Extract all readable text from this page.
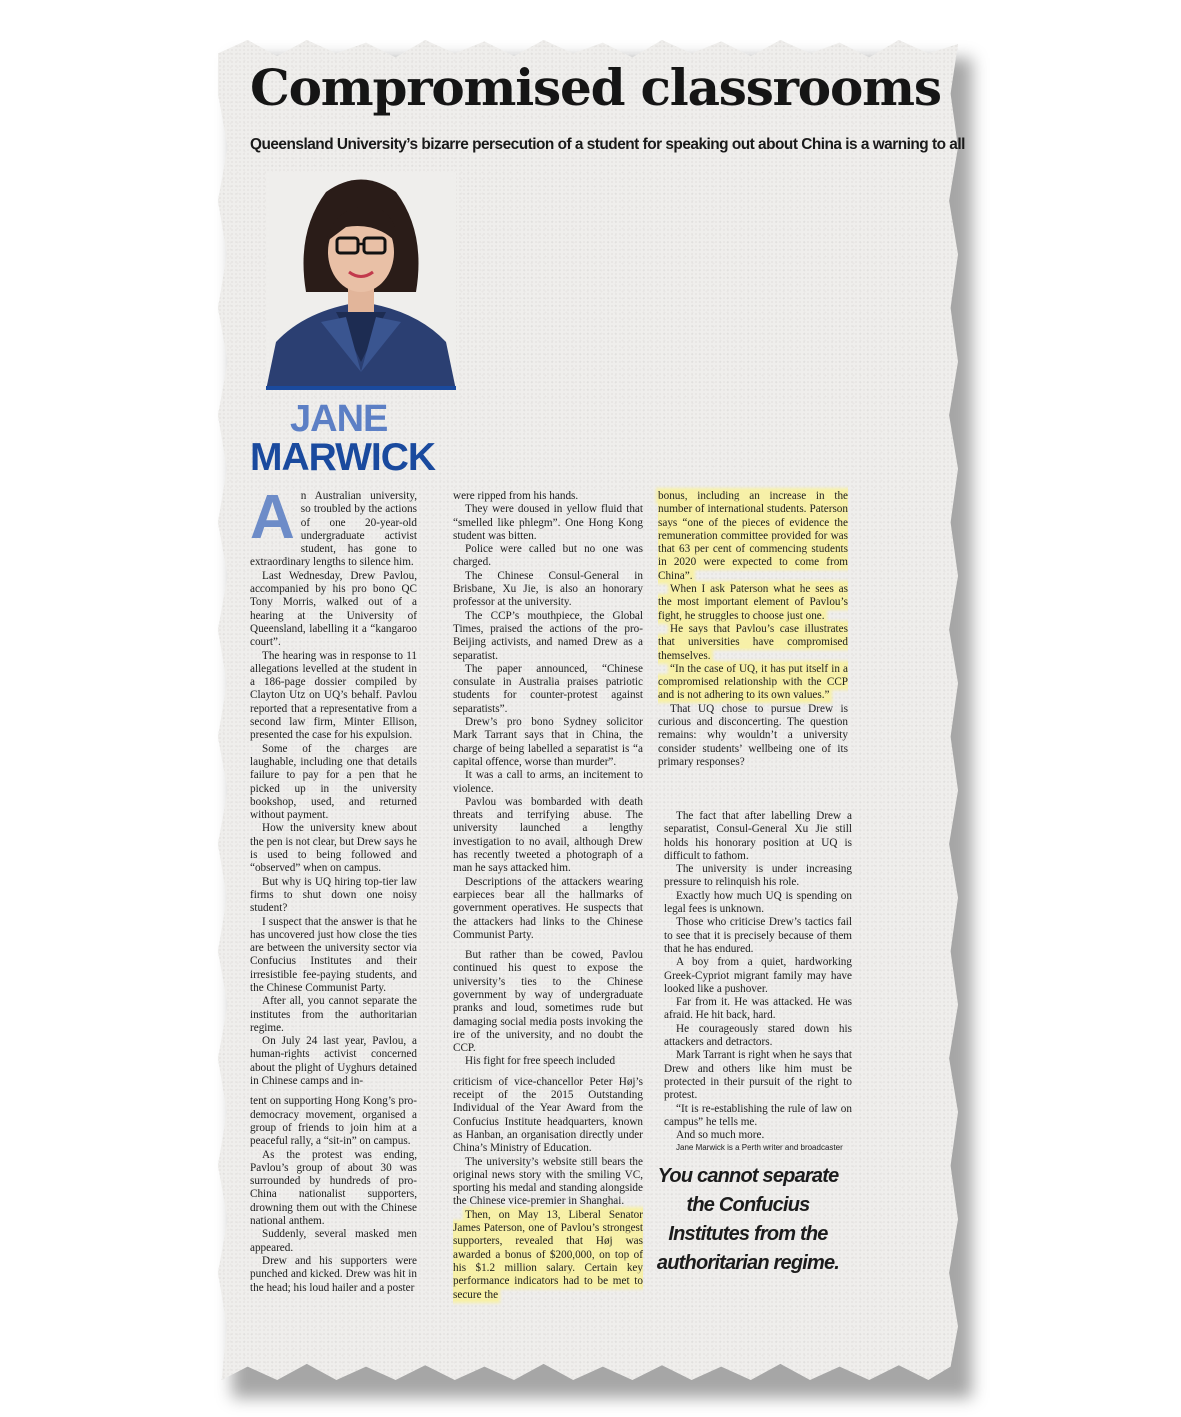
Compromised classrooms
Queensland University’s bizarre persecution of a student for speaking out about China is a warning to all
JANE
MARWICK
A n Australian university, so troubled by the actions of one 20-year-old undergraduate activist student, has gone to extraordinary lengths to silence him.

Last Wednesday, Drew Pavlou, accompanied by his pro bono QC Tony Morris, walked out of a hearing at the University of Queensland, labelling it a “kangaroo court”.

The hearing was in response to 11 allegations levelled at the student in a 186-page dossier compiled by Clayton Utz on UQ’s behalf. Pavlou reported that a representative from a second law firm, Minter Ellison, presented the case for his expulsion.

Some of the charges are laughable, including one that details failure to pay for a pen that he picked up in the university bookshop, used, and returned without payment.

How the university knew about the pen is not clear, but Drew says he is used to being followed and “observed” when on campus.

But why is UQ hiring top-tier law firms to shut down one noisy student?

I suspect that the answer is that he has uncovered just how close the ties are between the university sector via Confucius Institutes and their irresistible fee-paying students, and the Chinese Communist Party.

After all, you cannot separate the institutes from the authoritarian regime.

On July 24 last year, Pavlou, a human-rights activist concerned about the plight of Uyghurs detained in Chinese camps and in-

tent on supporting Hong Kong’s pro-democracy movement, organised a group of friends to join him at a peaceful rally, a “sit-in” on campus.

As the protest was ending, Pavlou’s group of about 30 was surrounded by hundreds of pro-China nationalist supporters, drowning them out with the Chinese national anthem.

Suddenly, several masked men appeared.

Drew and his supporters were punched and kicked. Drew was hit in the head; his loud hailer and a poster

were ripped from his hands.

They were doused in yellow fluid that “smelled like phlegm”. One Hong Kong student was bitten.

Police were called but no one was charged.

The Chinese Consul-General in Brisbane, Xu Jie, is also an honorary professor at the university.

The CCP’s mouthpiece, the Global Times, praised the actions of the pro-Beijing activists, and named Drew as a separatist.

The paper announced, “Chinese consulate in Australia praises patriotic students for counter-protest against separatists”.

Drew’s pro bono Sydney solicitor Mark Tarrant says that in China, the charge of being labelled a separatist is “a capital offence, worse than murder”.

It was a call to arms, an incitement to violence.

Pavlou was bombarded with death threats and terrifying abuse. The university launched a lengthy investigation to no avail, although Drew has recently tweeted a photograph of a man he says attacked him.

Descriptions of the attackers wearing earpieces bear all the hallmarks of government operatives. He suspects that the attackers had links to the Chinese Communist Party.

But rather than be cowed, Pavlou continued his quest to expose the university’s ties to the Chinese government by way of undergraduate pranks and loud, sometimes rude but damaging social media posts invoking the ire of the university, and no doubt the CCP.

His fight for free speech included

criticism of vice-chancellor Peter Høj’s receipt of the 2015 Outstanding Individual of the Year Award from the Confucius Institute headquarters, known as Hanban, an organisation directly under China’s Ministry of Education.

The university’s website still bears the original news story with the smiling VC, sporting his medal and standing alongside the Chinese vice-premier in Shanghai.

Then, on May 13, Liberal Senator James Paterson, one of Pavlou’s strongest supporters, revealed that Høj was awarded a bonus of $200,000, on top of his $1.2 million salary. Certain key performance indicators had to be met to secure the

bonus, including an increase in the number of international students. Paterson says “one of the pieces of evidence the remuneration committee provided for was that 63 per cent of commencing students in 2020 were expected to come from China”.

When I ask Paterson what he sees as the most important element of Pavlou’s fight, he struggles to choose just one.

He says that Pavlou’s case illustrates that universities have compromised themselves.

“In the case of UQ, it has put itself in a compromised relationship with the CCP and is not adhering to its own values.”

That UQ chose to pursue Drew is curious and disconcerting. The question remains: why wouldn’t a university consider students’ wellbeing one of its primary responses?

The fact that after labelling Drew a separatist, Consul-General Xu Jie still holds his honorary position at UQ is difficult to fathom.

The university is under increasing pressure to relinquish his role.

Exactly how much UQ is spending on legal fees is unknown.

Those who criticise Drew’s tactics fail to see that it is precisely because of them that he has endured.

A boy from a quiet, hardworking Greek-Cypriot migrant family may have looked like a pushover.

Far from it. He was attacked. He was afraid. He hit back, hard.

He courageously stared down his attackers and detractors.

Mark Tarrant is right when he says that Drew and others like him must be protected in their pursuit of the right to protest.

“It is re-establishing the rule of law on campus” he tells me.

And so much more.

Jane Marwick is a Perth writer and broadcaster

You cannot separate the Confucius Institutes from the authoritarian regime.
